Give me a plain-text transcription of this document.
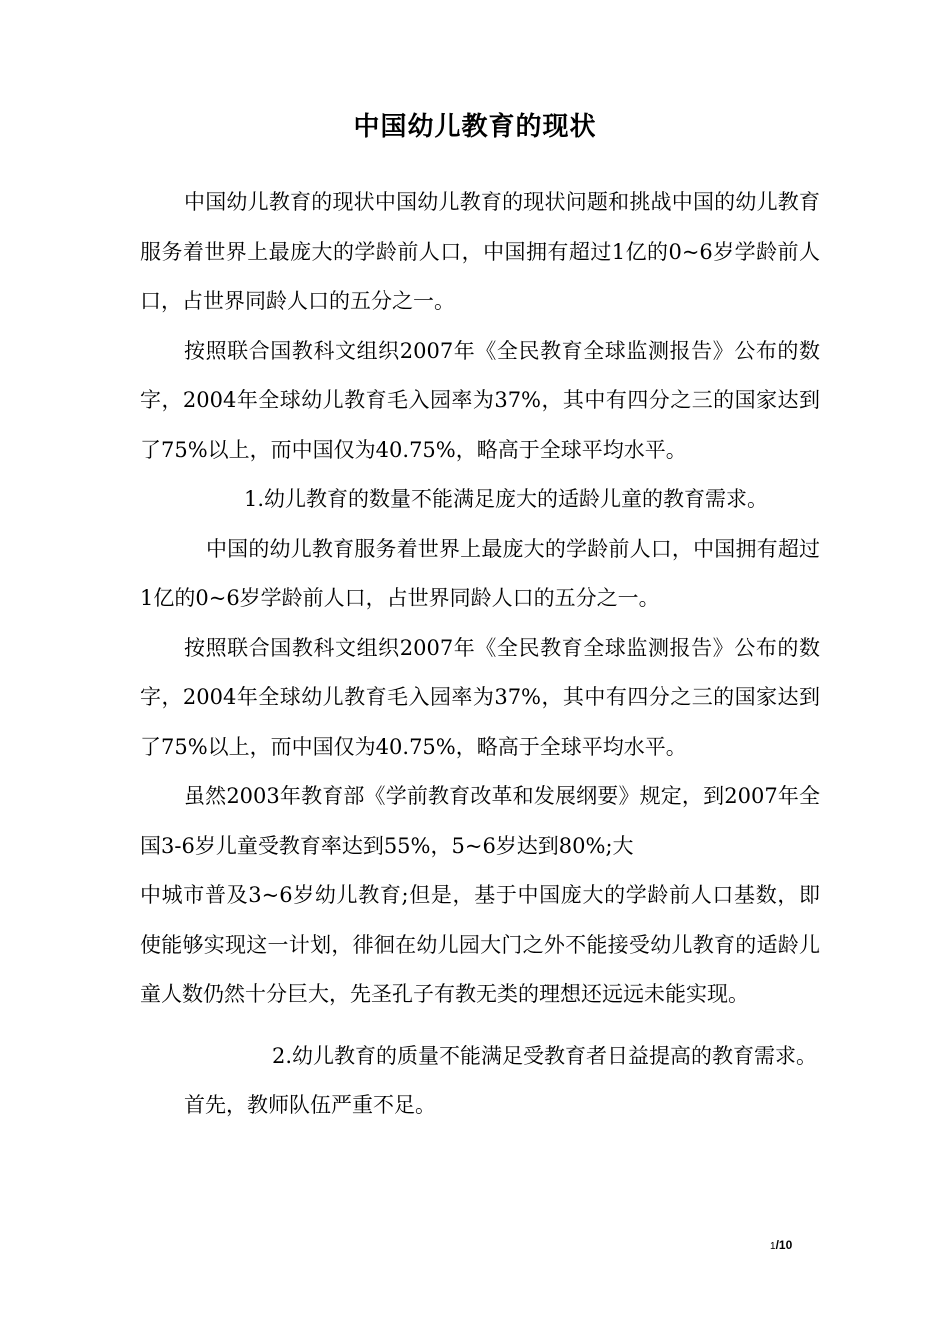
中国幼儿教育的现状

中国幼儿教育的现状中国幼儿教育的现状问题和挑战中国的幼儿教育服务着世界上最庞大的学龄前人口，中国拥有超过1亿的0~6岁学龄前人口，占世界同龄人口的五分之一。

按照联合国教科文组织2007年《全民教育全球监测报告》公布的数字，2004年全球幼儿教育毛入园率为37%，其中有四分之三的国家达到了75%以上，而中国仅为40.75%，略高于全球平均水平。

1.幼儿教育的数量不能满足庞大的适龄儿童的教育需求。

中国的幼儿教育服务着世界上最庞大的学龄前人口，中国拥有超过1亿的0~6岁学龄前人口，占世界同龄人口的五分之一。

按照联合国教科文组织2007年《全民教育全球监测报告》公布的数字，2004年全球幼儿教育毛入园率为37%，其中有四分之三的国家达到了75%以上，而中国仅为40.75%，略高于全球平均水平。

虽然2003年教育部《学前教育改革和发展纲要》规定，到2007年全国3-6岁儿童受教育率达到55%，5~6岁达到80%;大

中城市普及3~6岁幼儿教育;但是，基于中国庞大的学龄前人口基数，即使能够实现这一计划，徘徊在幼儿园大门之外不能接受幼儿教育的适龄儿童人数仍然十分巨大，先圣孔子有教无类的理想还远远未能实现。

2.幼儿教育的质量不能满足受教育者日益提高的教育需求。

首先，教师队伍严重不足。

1/10
